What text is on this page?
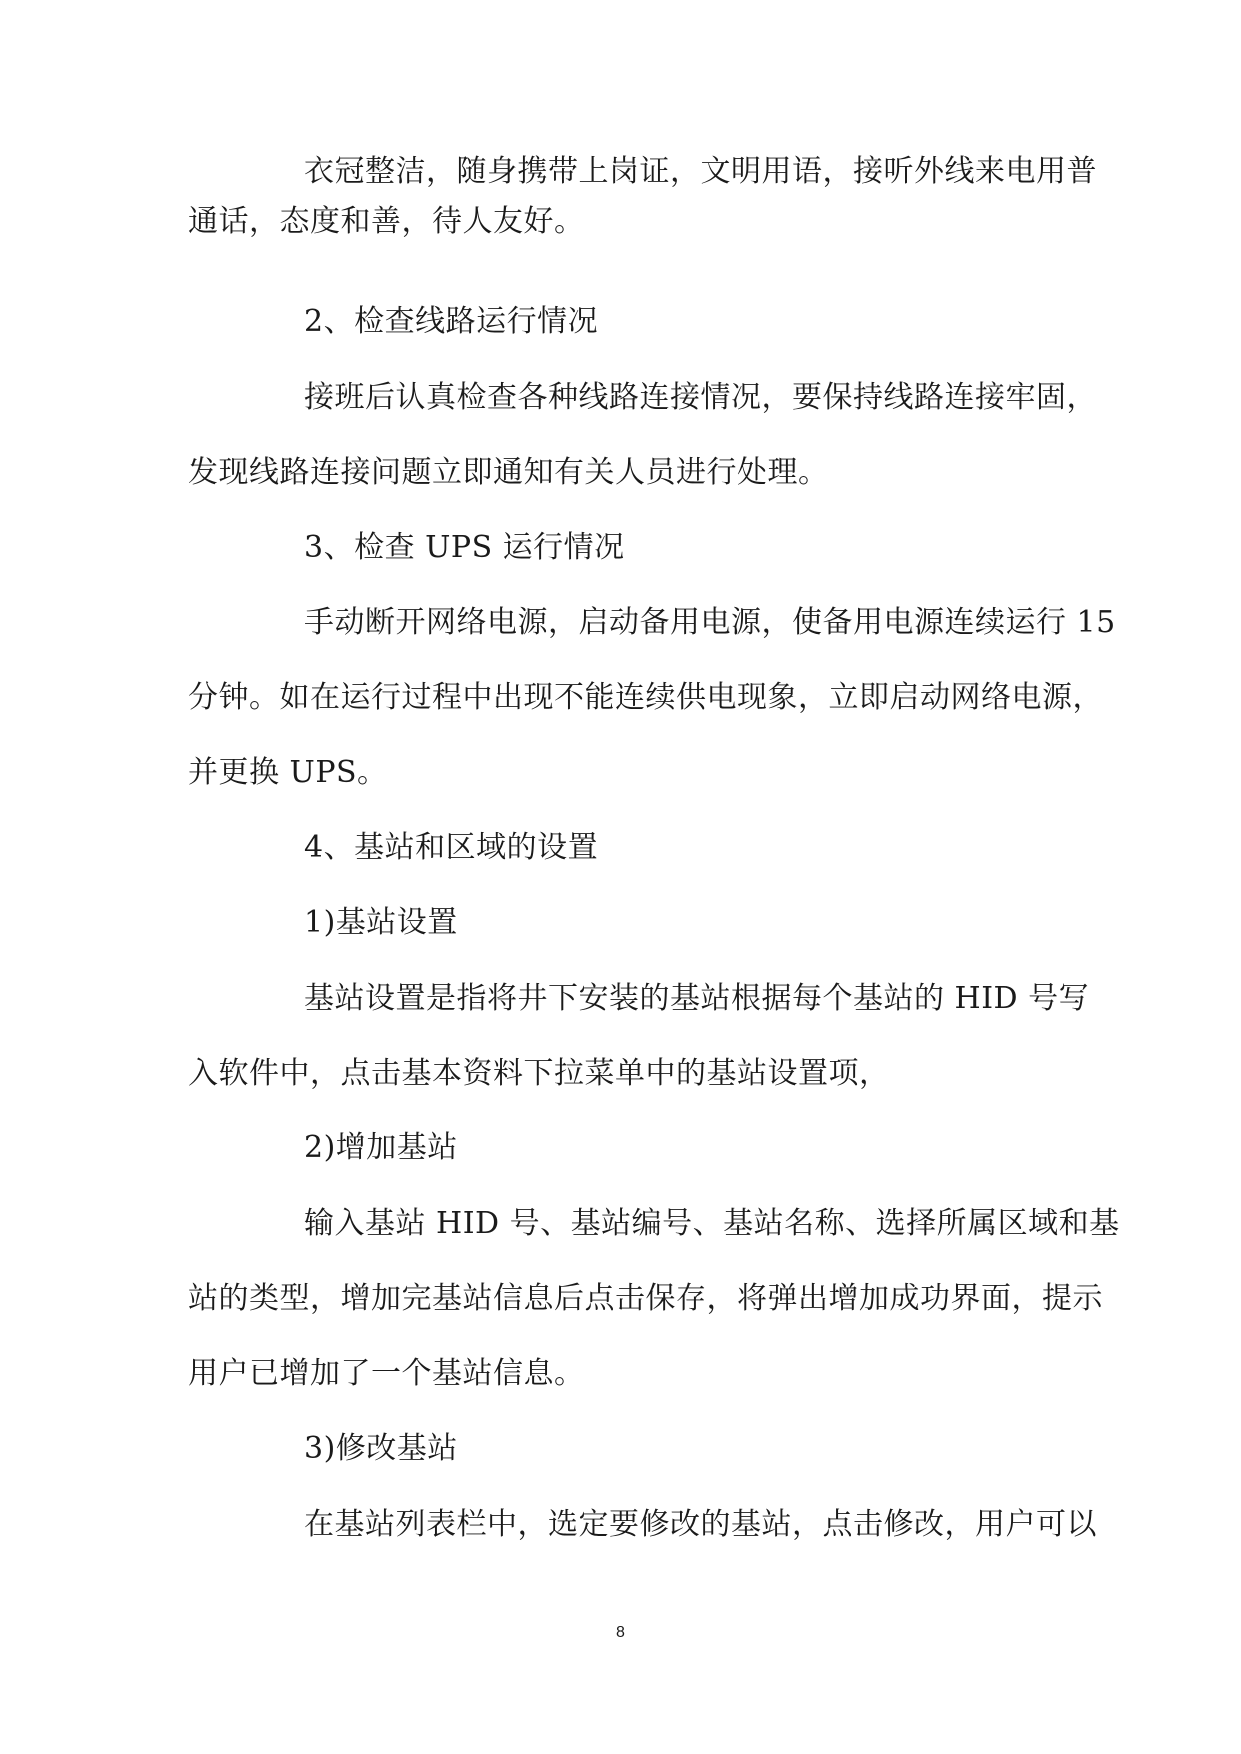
衣冠整洁，随身携带上岗证，文明用语，接听外线来电用普
通话，态度和善，待人友好。
2、检查线路运行情况
接班后认真检查各种线路连接情况，要保持线路连接牢固，
发现线路连接问题立即通知有关人员进行处理。
3、检查 UPS 运行情况
手动断开网络电源，启动备用电源，使备用电源连续运行 15
分钟。如在运行过程中出现不能连续供电现象，立即启动网络电源，
并更换 UPS。
4、基站和区域的设置
1)基站设置
基站设置是指将井下安装的基站根据每个基站的 HID 号写
入软件中，点击基本资料下拉菜单中的基站设置项，
2)增加基站
输入基站 HID 号、基站编号、基站名称、选择所属区域和基
站的类型，增加完基站信息后点击保存，将弹出增加成功界面，提示
用户已增加了一个基站信息。
3)修改基站
在基站列表栏中，选定要修改的基站，点击修改，用户可以
8
